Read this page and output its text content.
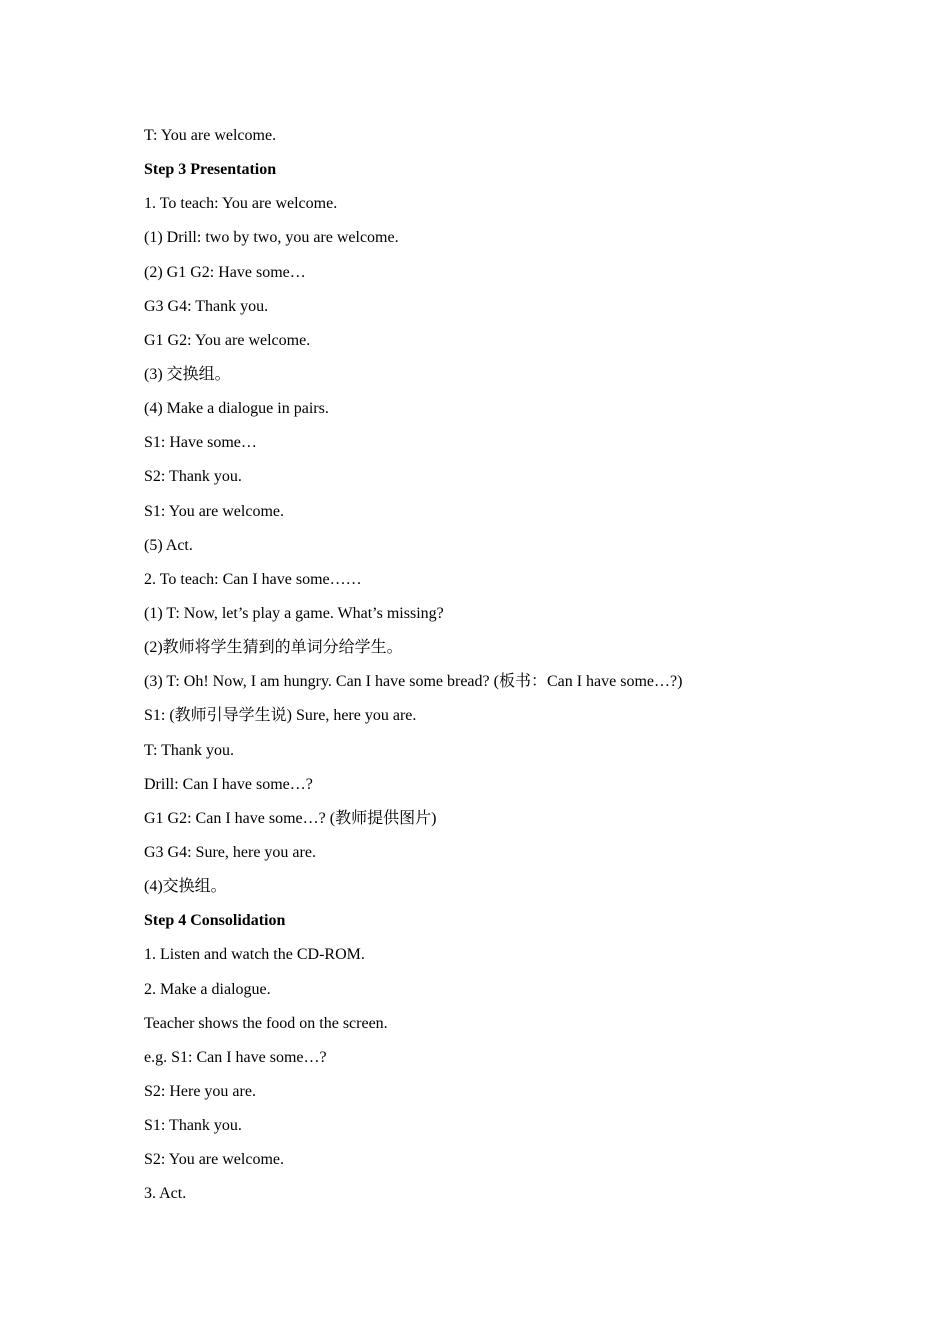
T: You are welcome.
Step 3 Presentation
1. To teach: You are welcome.
(1) Drill: two by two, you are welcome.
(2) G1 G2: Have some…
G3 G4: Thank you.
G1 G2: You are welcome.
(3) 交换组。
(4) Make a dialogue in pairs.
S1: Have some…
S2: Thank you.
S1: You are welcome.
(5) Act.
2. To teach: Can I have some……
(1) T: Now, let’s play a game. What’s missing?
(2)教师将学生猜到的单词分给学生。
(3) T: Oh! Now, I am hungry. Can I have some bread? (板书：Can I have some…?)
S1: (教师引导学生说) Sure, here you are.
T: Thank you.
Drill: Can I have some…?
G1 G2: Can I have some…? (教师提供图片)
G3 G4: Sure, here you are.
(4)交换组。
Step 4 Consolidation
1. Listen and watch the CD-ROM.
2. Make a dialogue.
Teacher shows the food on the screen.
e.g. S1: Can I have some…?
S2: Here you are.
S1: Thank you.
S2: You are welcome.
3. Act.
